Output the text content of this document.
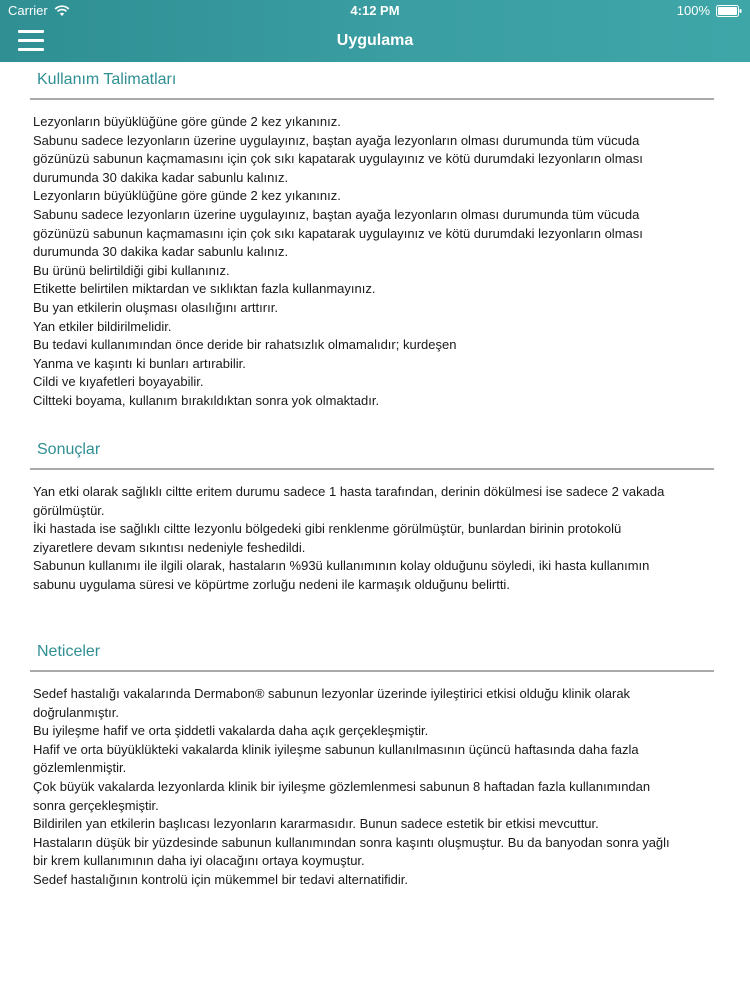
Carrier	4:12 PM	100%
Uygulama
Kullanım Talimatları
Lezyonların büyüklüğüne göre günde 2 kez yıkanınız.
Sabunu sadece lezyonların üzerine uygulayınız, baştan ayağa lezyonların olması durumunda tüm vücuda
gözünüzü sabunun kaçmamasını için çok sıkı kapatarak uygulayınız ve kötü durumdaki lezyonların olması
durumunda 30 dakika kadar sabunlu kalınız.
Lezyonların büyüklüğüne göre günde 2 kez yıkanınız.
Sabunu sadece lezyonların üzerine uygulayınız, baştan ayağa lezyonların olması durumunda tüm vücuda
gözünüzü sabunun kaçmamasını için çok sıkı kapatarak uygulayınız ve kötü durumdaki lezyonların olması
durumunda 30 dakika kadar sabunlu kalınız.
Bu ürünü belirtildiği gibi kullanınız.
Etikette belirtilen miktardan ve sıklıktan fazla kullanmayınız.
Bu yan etkilerin oluşması olasılığını arttırır.
Yan etkiler bildirilmelidir.
Bu tedavi kullanımından önce deride bir rahatsızlık olmamalıdır; kurdeşen
Yanma ve kaşıntı ki bunları artırabilir.
Cildi ve kıyafetleri boyayabilir.
Ciltteki boyama, kullanım bırakıldıktan sonra yok olmaktadır.
Sonuçlar
Yan etki olarak sağlıklı ciltte eritem durumu sadece 1 hasta tarafından, derinin dökülmesi ise sadece 2 vakada
görülmüştür.
İki hastada ise sağlıklı ciltte lezyonlu bölgedeki gibi renklenme görülmüştür, bunlardan birinin protokolü
ziyaretlere devam sıkıntısı nedeniyle feshedildi.
Sabunun kullanımı ile ilgili olarak, hastaların %93ü kullanımının kolay olduğunu söyledi, iki hasta kullanımın
sabunu uygulama süresi ve köpürtme zorluğu nedeni ile karmaşık olduğunu belirtti.
Neticeler
Sedef hastalığı vakalarında Dermabon® sabunun lezyonlar üzerinde iyileştirici etkisi olduğu klinik olarak
doğrulanmıştır.
Bu iyileşme hafif ve orta şiddetli vakalarda daha açık gerçekleşmiştir.
Hafif ve orta büyüklükteki vakalarda klinik iyileşme sabunun kullanılmasının üçüncü haftasında daha fazla
gözlemlenmiştir.
Çok büyük vakalarda lezyonlarda klinik bir iyileşme gözlemlenmesi sabunun 8 haftadan fazla kullanımından
sonra gerçekleşmiştir.
Bildirilen yan etkilerin başlıcası lezyonların kararmasıdır. Bunun sadece estetik bir etkisi mevcuttur.
Hastaların düşük bir yüzdesinde sabunun kullanımından sonra kaşıntı oluşmuştur. Bu da banyodan sonra yağlı
bir krem kullanımının daha iyi olacağını ortaya koymuştur.
Sedef hastalığının kontrolü için mükemmel bir tedavi alternatifidir.
